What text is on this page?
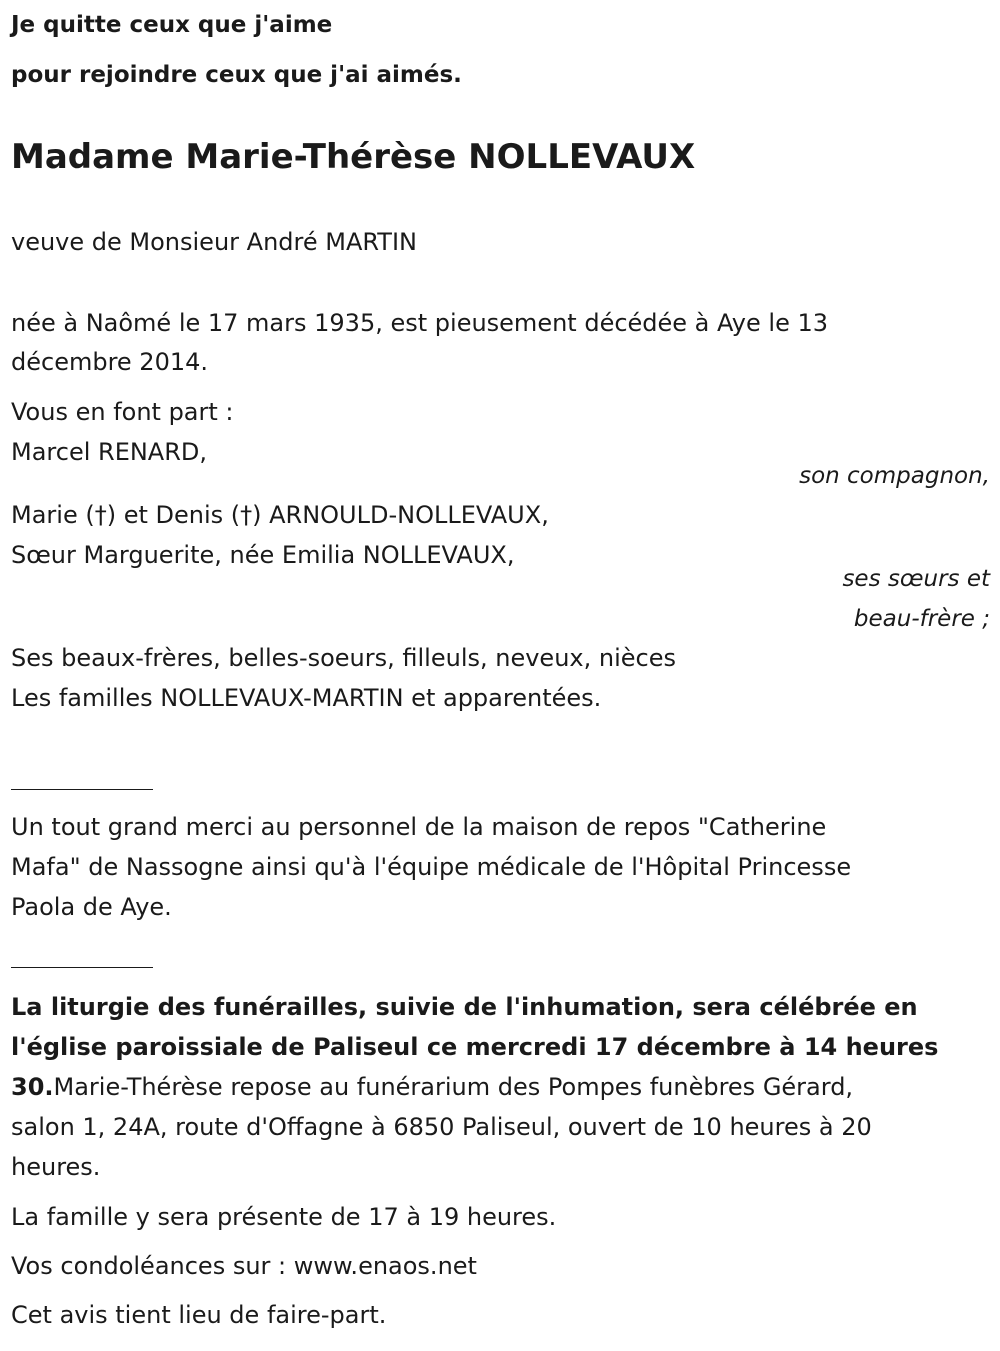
Je quitte ceux que j'aime
pour rejoindre ceux que j'ai aimés.
Madame Marie-Thérèse NOLLEVAUX
veuve de Monsieur André MARTIN
née à Naômé le 17 mars 1935, est pieusement décédée à Aye le 13
décembre 2014.
Vous en font part :
Marcel RENARD,
son compagnon,
Marie (†) et Denis (†) ARNOULD-NOLLEVAUX,
Sœur Marguerite, née Emilia NOLLEVAUX,
ses sœurs et
beau-frère ;
Ses beaux-frères, belles-soeurs, filleuls, neveux, nièces
Les familles NOLLEVAUX-MARTIN et apparentées.
Un tout grand merci au personnel de la maison de repos "Catherine
Mafa" de Nassogne ainsi qu'à l'équipe médicale de l'Hôpital Princesse
Paola de Aye.
La liturgie des funérailles, suivie de l'inhumation, sera célébrée en
l'église paroissiale de Paliseul ce mercredi 17 décembre à 14 heures
30.Marie-Thérèse repose au funérarium des Pompes funèbres Gérard,
salon 1, 24A, route d'Offagne à 6850 Paliseul, ouvert de 10 heures à 20
heures.
La famille y sera présente de 17 à 19 heures.
Vos condoléances sur : www.enaos.net
Cet avis tient lieu de faire-part.
